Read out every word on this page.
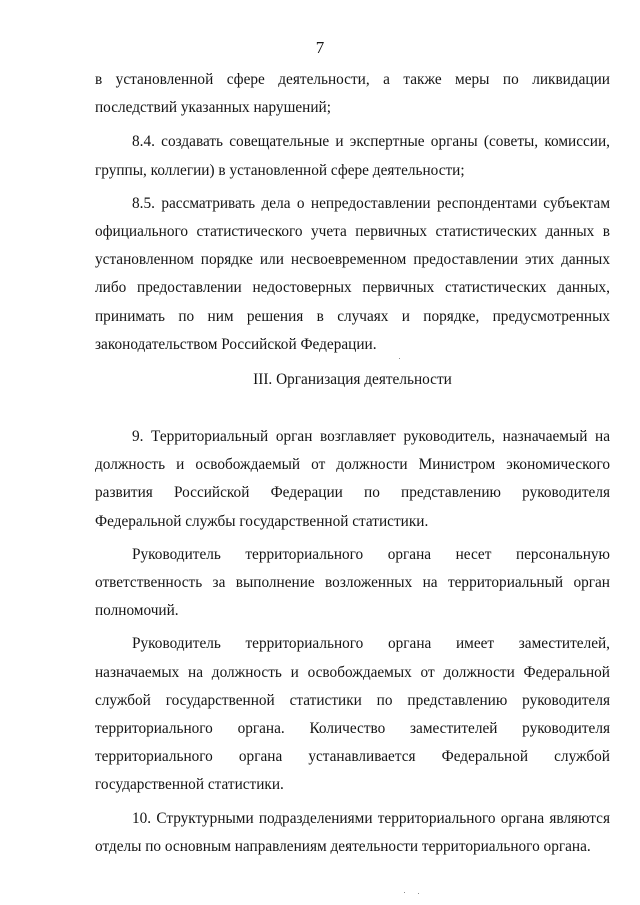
7

в установленной сфере деятельности, а также меры по ликвидации последствий указанных нарушений;

8.4. создавать совещательные и экспертные органы (советы, комиссии, группы, коллегии) в установленной сфере деятельности;

8.5. рассматривать дела о непредоставлении респондентами субъектам официального статистического учета первичных статистических данных в установленном порядке или несвоевременном предоставлении этих данных либо предоставлении недостоверных первичных статистических данных, принимать по ним решения в случаях и порядке, предусмотренных законодательством Российской Федерации.

III. Организация деятельности

9. Территориальный орган возглавляет руководитель, назначаемый на должность и освобождаемый от должности Министром экономического развития Российской Федерации по представлению руководителя Федеральной службы государственной статистики.

Руководитель территориального органа несет персональную ответственность за выполнение возложенных на территориальный орган полномочий.

Руководитель территориального органа имеет заместителей, назначаемых на должность и освобождаемых от должности Федеральной службой государственной статистики по представлению руководителя территориального органа. Количество заместителей руководителя территориального органа устанавливается Федеральной службой государственной статистики.

10. Структурными подразделениями территориального органа являются отделы по основным направлениям деятельности территориального органа.
